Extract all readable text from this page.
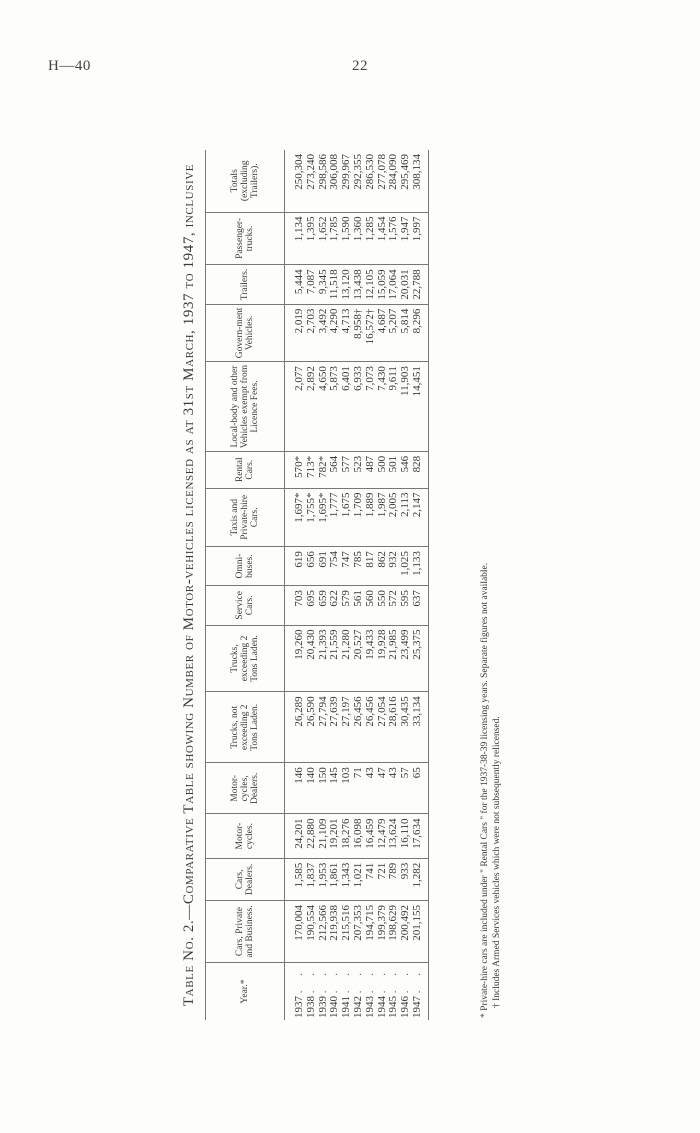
H—40	22
Table No. 2.—Comparative Table showing Number of Motor-vehicles licensed as at 31st March, 1937 to 1947, inclusive	Year.*	Cars, Private and Business.	Cars, Dealers.	Motor-cycles.	Motor-cycles, Dealers.	Trucks, not exceeding 2 Tons Laden.	Trucks, exceeding 2 Tons Laden.	Service Cars.	Omni-buses.	Taxis and Private-hire Cars.	Rental Cars.	Local-body and other Vehicles exempt from Licence Fees.	Govern-ment Vehicles.	Trailers.	Passenger-trucks.	Totals (excluding Trailers).
1937 . .	170,004	1,585	24,201	146	26,289	19,260	703	619	1,697*	570*	2,077	2,019	5,444	1,134	250,304
1938 . .	190,554	1,837	22,880	140	26,590	20,430	695	656	1,755*	713*	2,892	2,703	7,087	1,395	273,240
1939 . .	212,566	1,953	21,109	150	27,794	21,393	659	691	1,695*	782*	4,650	3,492	9,345	1,652	298,586
1940 . .	219,938	1,861	19,201	145	27,639	21,559	622	754	1,777	564	5,873	4,290	11,518	1,785	306,008
1941 . .	215,516	1,343	18,276	103	27,197	21,280	579	747	1,675	577	6,401	4,713	13,120	1,590	299,967
1942 . .	207,353	1,021	16,098	71	26,456	20,527	561	785	1,709	523	6,933	8,958†	13,438	1,360	292,355
1943 . .	194,715	741	16,459	43	26,456	19,433	560	817	1,889	487	7,073	16,572†	12,105	1,285	286,530
1944 . .	199,379	721	12,479	47	27,054	19,928	550	862	1,987	500	7,430	4,687	15,059	1,454	277,078
1945 . .	198,629	789	13,624	43	28,616	21,985	572	932	2,005	501	9,611	5,207	17,064	1,576	284,090
1946 . .	200,492	933	16,110	57	30,435	23,499	595	1,025	2,113	546	11,903	5,814	20,031	1,947	295,469
1947 . .	201,155	1,282	17,634	65	33,134	25,375	637	1,133	2,147	828	14,451	8,296	22,788	1,997	308,134
* Private-hire cars are included under " Rental Cars " for the 1937-38-39 licensing years. Separate figures not available. † Includes Armed Services vehicles which were not subsequently relicensed.
